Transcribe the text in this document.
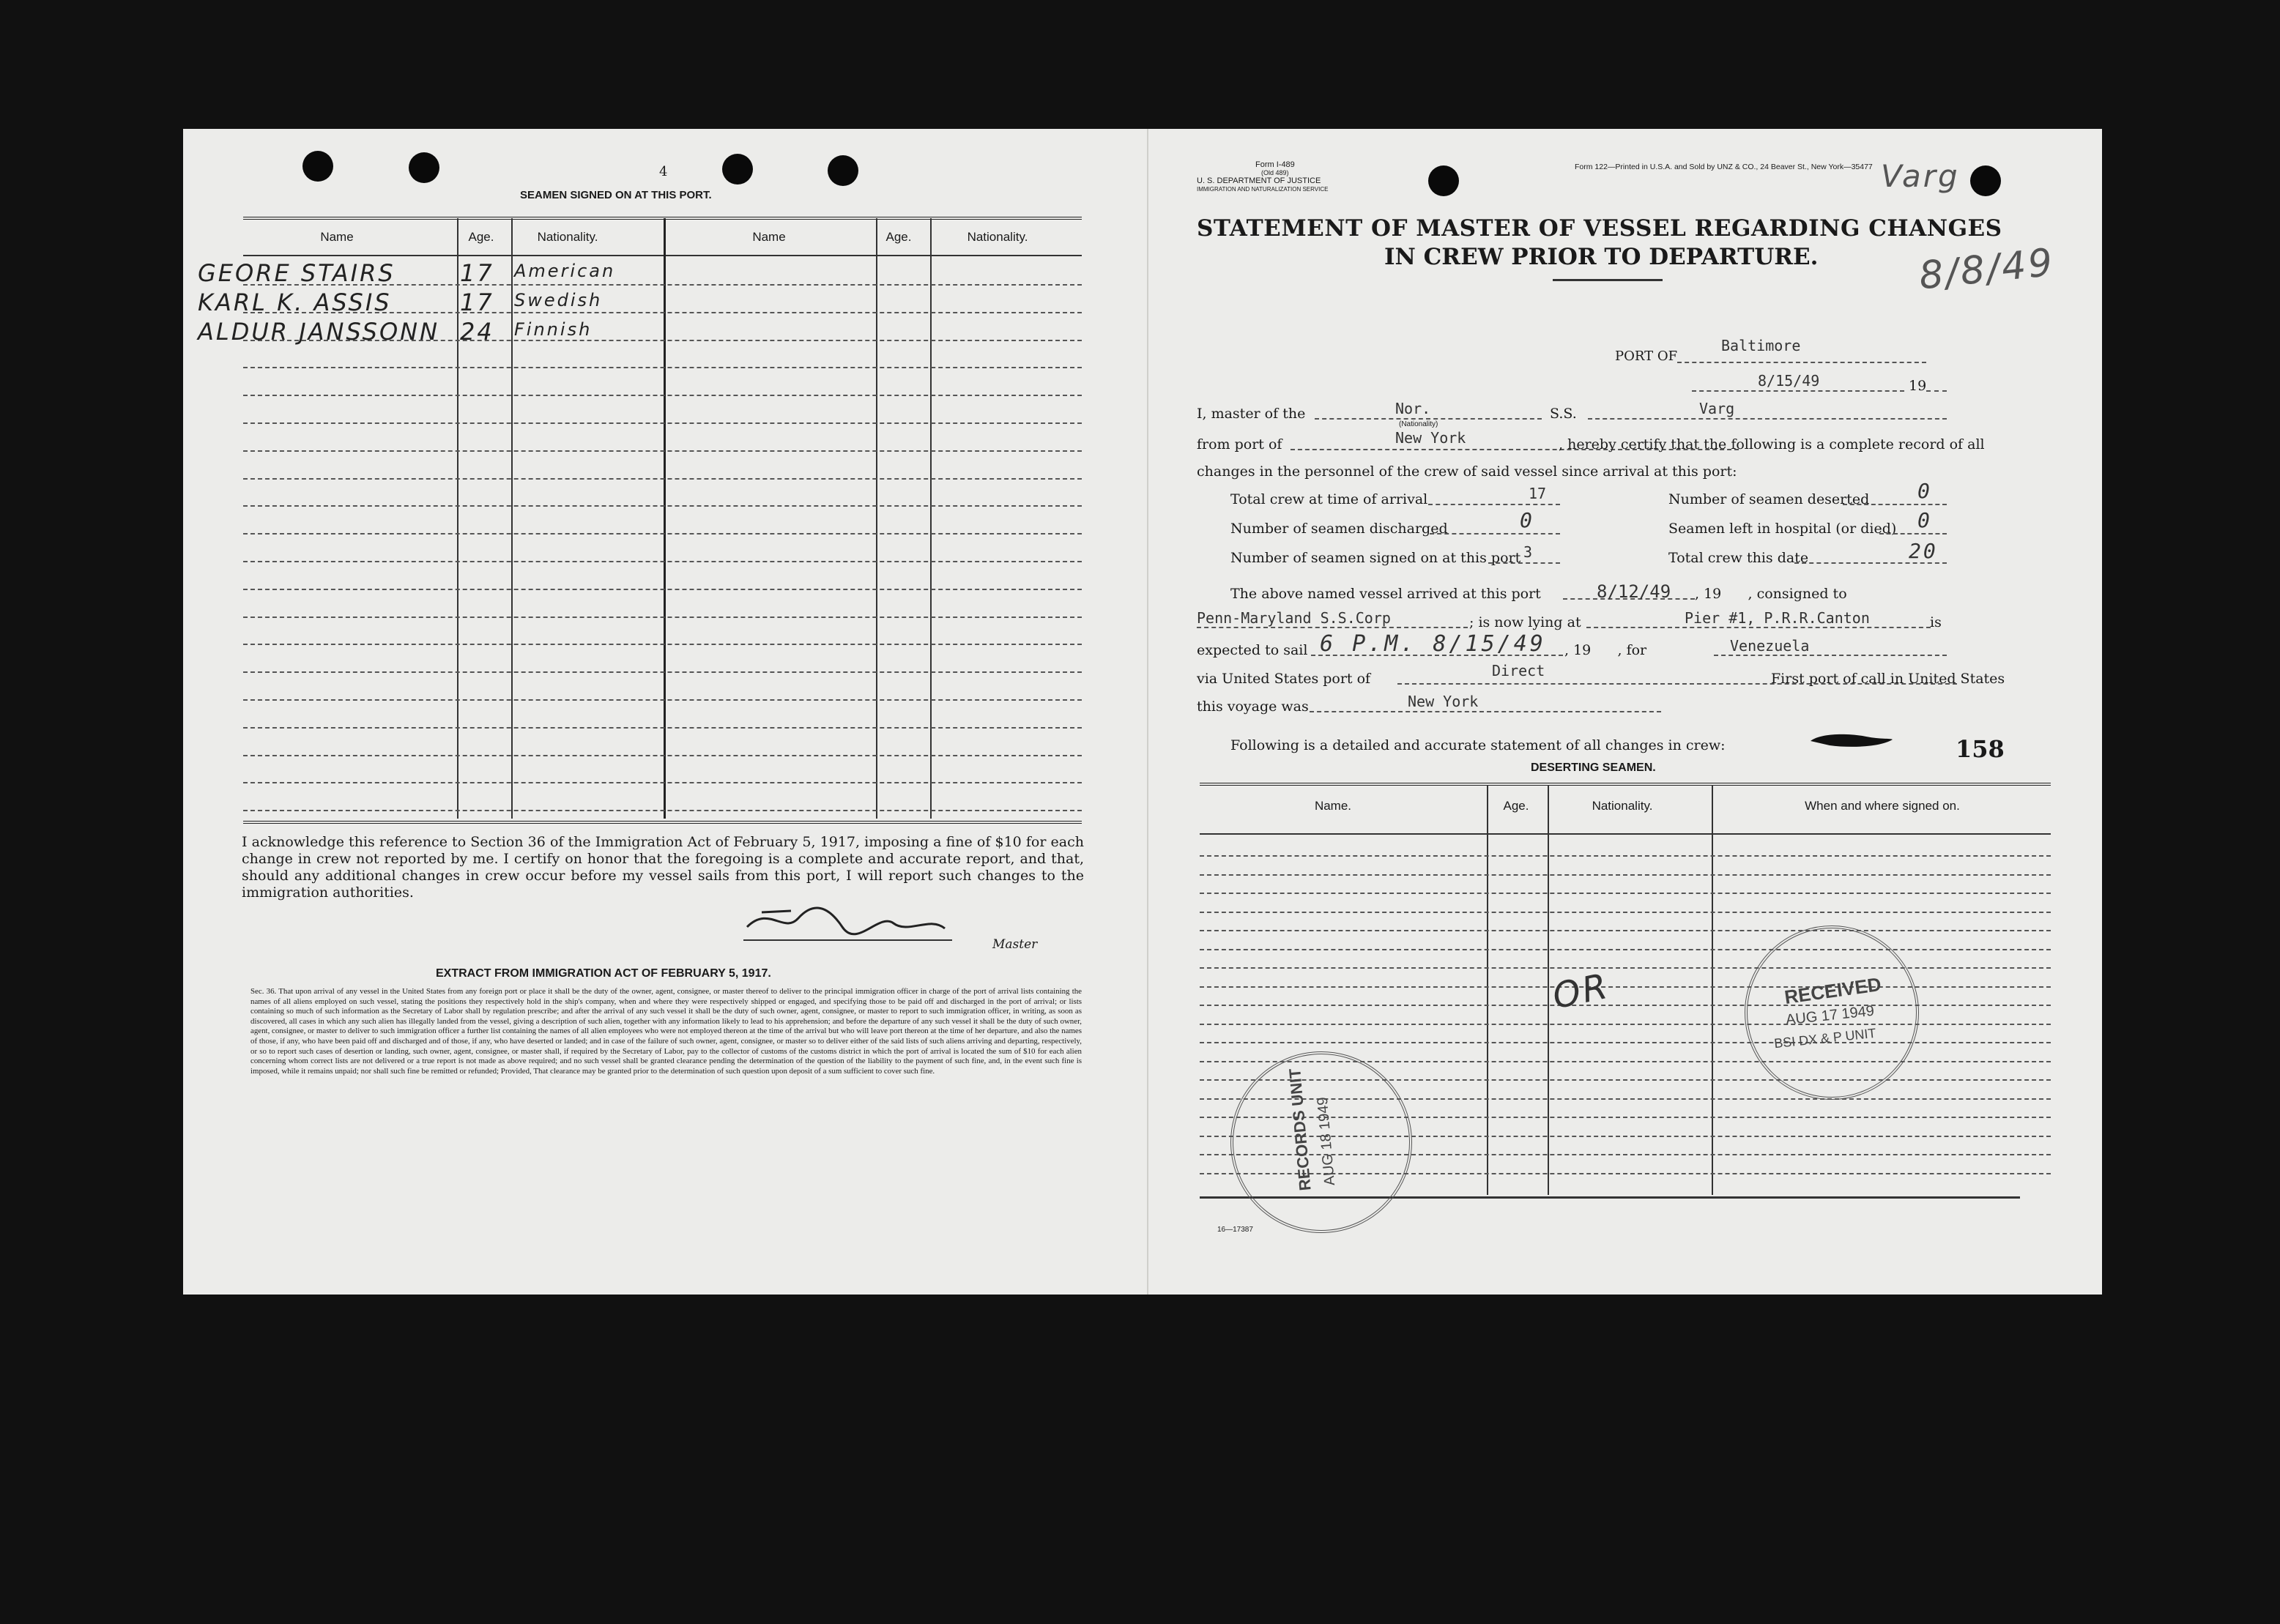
4
SEAMEN SIGNED ON AT THIS PORT.
Name	Age.	Nationality.	Name	Age.	Nationality.
GEORE STAIRS	17 American
KARL K. ASSIS	17 Swedish
ALDUR JANSSONN 24 Finnish
I acknowledge this reference to Section 36 of the Immigration Act of February 5, 1917, imposing a fine of $10 for each change in crew not reported by me. I certify on honor that the foregoing is a complete and accurate report, and that, should any additional changes in crew occur before my vessel sails from this port, I will report such changes to the immigration authorities.
Master
EXTRACT FROM IMMIGRATION ACT OF FEBRUARY 5, 1917.
Sec. 36. That upon arrival of any vessel in the United States from any foreign port or place it shall be the duty of the owner, agent, consignee, or master thereof to deliver to the principal immigration officer in charge of the port of arrival lists containing the names of all aliens employed on such vessel, stating the positions they respectively hold in the ship's company, when and where they were respectively shipped or engaged, and specifying those to be paid off and discharged in the port of arrival; or lists containing so much of such information as the Secretary of Labor shall by regulation prescribe; and after the arrival of any such vessel it shall be the duty of such owner, agent, consignee, or master to report to such immigration officer, in writing, as soon as discovered, all cases in which any such alien has illegally landed from the vessel, giving a description of such alien, together with any information likely to lead to his apprehension; and before the departure of any such vessel it shall be the duty of such owner, agent, consignee, or master to deliver to such immigration officer a further list containing the names of all alien employees who were not employed thereon at the time of the arrival but who will leave port thereon at the time of her departure, and also the names of those, if any, who have been paid off and discharged and of those, if any, who have deserted or landed; and in case of the failure of such owner, agent, consignee, or master so to deliver either of the said lists of such aliens arriving and departing, respectively, or so to report such cases of desertion or landing, such owner, agent, consignee, or master shall, if required by the Secretary of Labor, pay to the collector of customs of the customs district in which the port of arrival is located the sum of $10 for each alien concerning whom correct lists are not delivered or a true report is not made as above required; and no such vessel shall be granted clearance pending the determination of the question of the liability to the payment of such fine, and, in the event such fine is imposed, while it remains unpaid; nor shall such fine be remitted or refunded; Provided, That clearance may be granted prior to the determination of such question upon deposit of a sum sufficient to cover such fine.
Form I-489
(Old 489)
U. S. DEPARTMENT OF JUSTICE
IMMIGRATION AND NATURALIZATION SERVICE
Form 122—Printed in U.S.A. and Sold by UNZ & CO., 24 Beaver St., New York—35477
STATEMENT OF MASTER OF VESSEL REGARDING CHANGES
IN CREW PRIOR TO DEPARTURE.
Varg
8/8/49
PORT OF
Baltimore
8/15/49	19
I, master of the	Nor.
(Nationality)
S.S.	Varg
from port of	New York	, hereby certify that the following is a complete record of all
changes in the personnel of the crew of said vessel since arrival at this port:
Total crew at time of arrival	17	Number of seamen deserted 0
Number of seamen discharged	0	Seamen left in hospital (or died) 0
Number of seamen signed on at this port 3	Total crew this date	20
The above named vessel arrived at this port	8/12/49 , 19      , consigned to
Penn-Maryland S.S.Corp	; is now lying at	Pier #1, P.R.R.Canton	is
expected to sail 6 P.M. 8/15/49 , 19      , for	Venezuela
via United States port of	Direct	First port of call in United States
this voyage was	New York
Following is a detailed and accurate statement of all changes in crew:	158
DESERTING SEAMEN.
Name.	Age.	Nationality.	When and where signed on.
16—17387
OR	RECEIVED
AUG 17 1949
BSI DX & P UNIT
RECORDS UNIT AUG 18 1949
